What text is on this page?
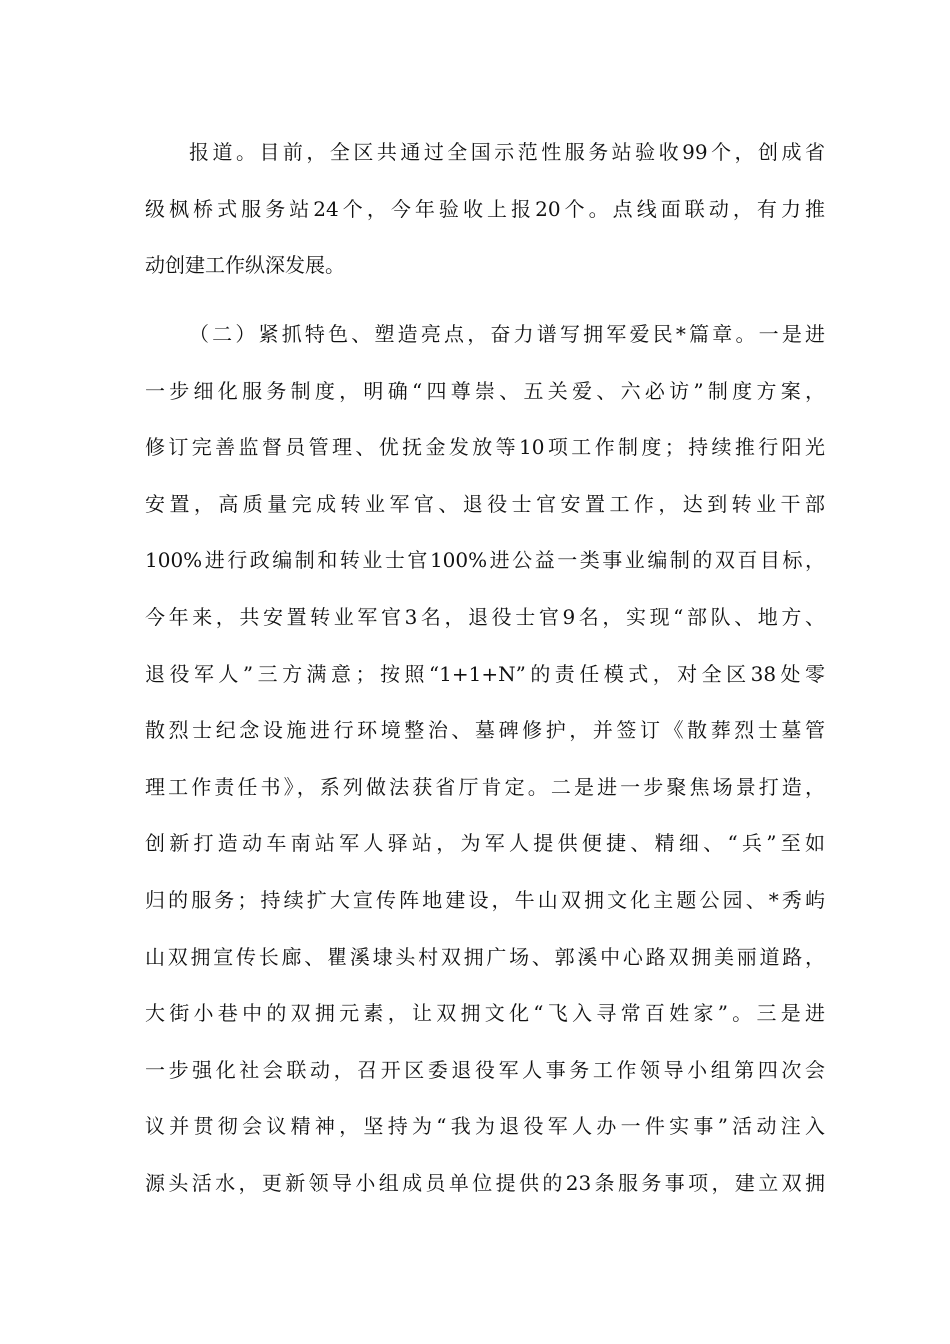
报道。目前，全区共通过全国示范性服务站验收99个，创成省
级枫桥式服务站24个，今年验收上报20个。点线面联动，有力推
动创建工作纵深发展。
（二）紧抓特色、塑造亮点，奋力谱写拥军爱民*篇章。一是进
一步细化服务制度，明确“四尊崇、五关爱、六必访”制度方案，
修订完善监督员管理、优抚金发放等10项工作制度；持续推行阳光
安置，高质量完成转业军官、退役士官安置工作，达到转业干部
100%进行政编制和转业士官100%进公益一类事业编制的双百目标，
今年来，共安置转业军官3名，退役士官9名，实现“部队、地方、
退役军人”三方满意；按照“1+1+N”的责任模式，对全区38处零
散烈士纪念设施进行环境整治、墓碑修护，并签订《散葬烈士墓管
理工作责任书》，系列做法获省厅肯定。二是进一步聚焦场景打造，
创新打造动车南站军人驿站，为军人提供便捷、精细、“兵”至如
归的服务；持续扩大宣传阵地建设，牛山双拥文化主题公园、*秀屿
山双拥宣传长廊、瞿溪埭头村双拥广场、郭溪中心路双拥美丽道路，
大街小巷中的双拥元素，让双拥文化“飞入寻常百姓家”。三是进
一步强化社会联动，召开区委退役军人事务工作领导小组第四次会
议并贯彻会议精神，坚持为“我为退役军人办一件实事”活动注入
源头活水，更新领导小组成员单位提供的23条服务事项，建立双拥
